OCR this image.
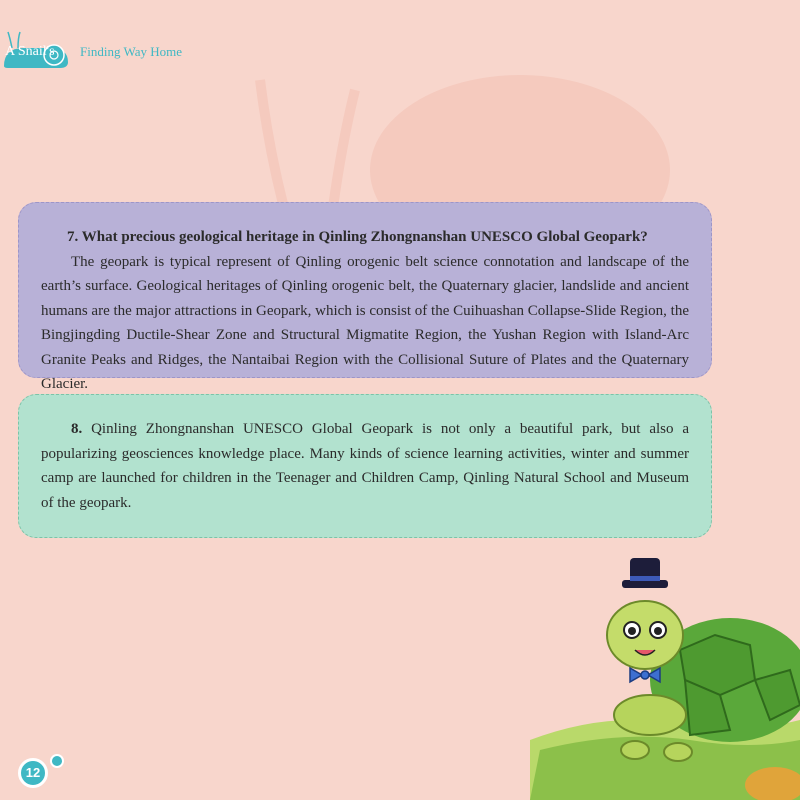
A Snail's Finding Way Home
7. What precious geological heritage in Qinling Zhongnanshan UNESCO Global Geopark?

The geopark is typical represent of Qinling orogenic belt science connotation and landscape of the earth’s surface. Geological heritages of Qinling orogenic belt, the Quaternary glacier, landslide and ancient humans are the major attractions in Geopark, which is consist of the Cuihuashan Collapse-Slide Region, the Bingjingding Ductile-Shear Zone and Structural Migmatite Region, the Yushan Region with Island-Arc Granite Peaks and Ridges, the Nantaibai Region with the Collisional Suture of Plates and the Quaternary Glacier.

8. Qinling Zhongnanshan UNESCO Global Geopark is not only a beautiful park, but also a popularizing geosciences knowledge place. Many kinds of science learning activities, winter and summer camp are launched for children in the Teenager and Children Camp, Qinling Natural School and Museum of the geopark.

12
